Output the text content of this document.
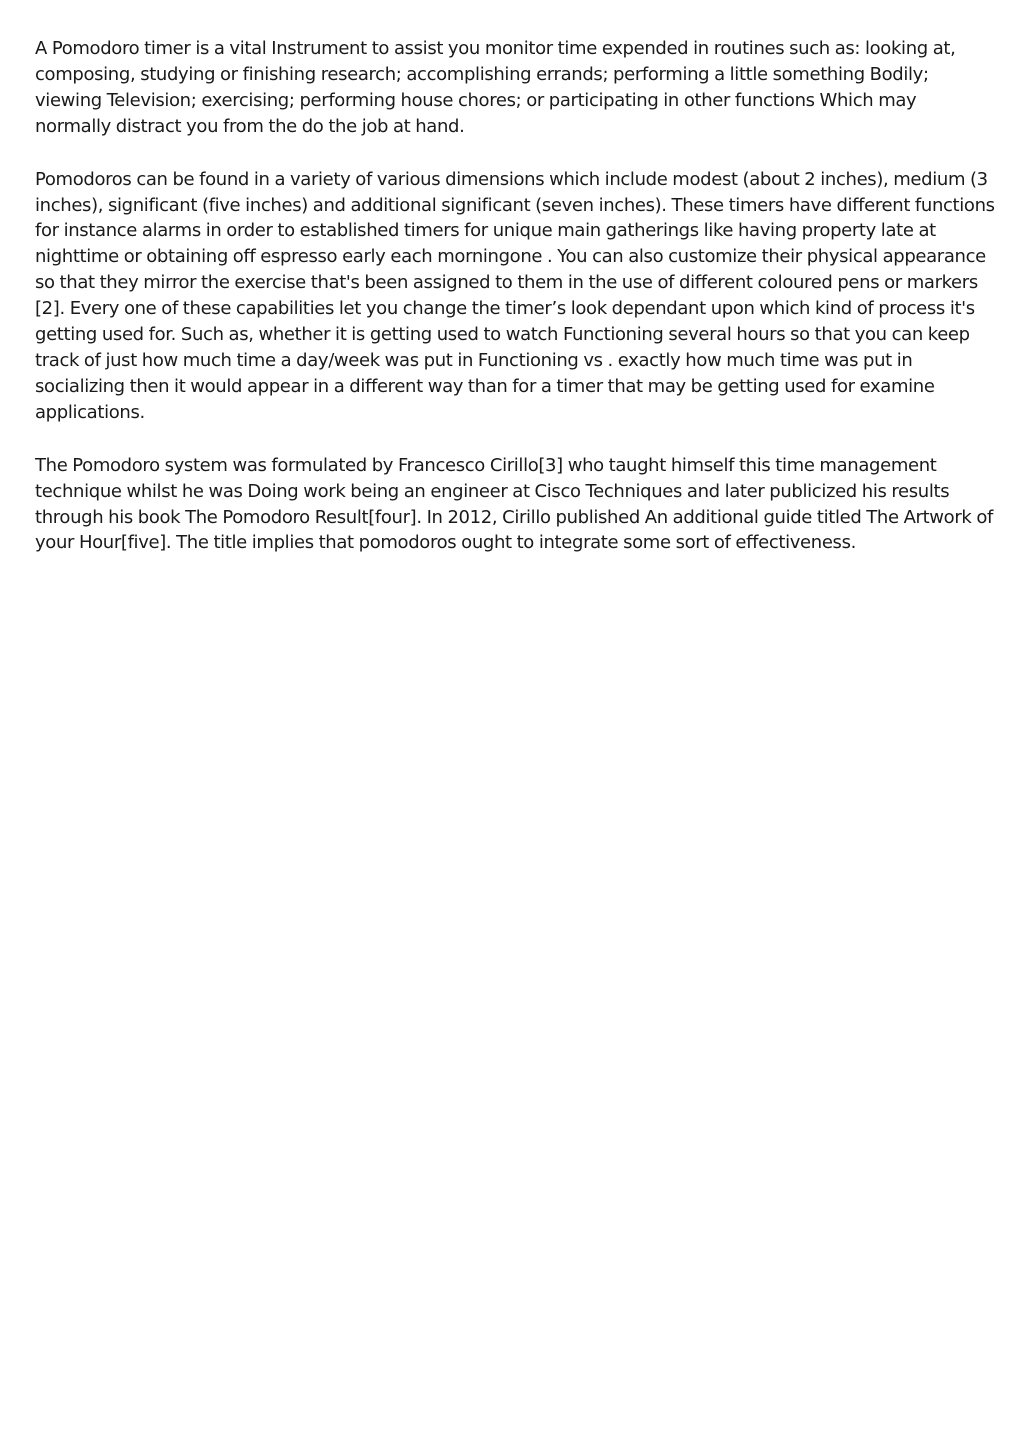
A Pomodoro timer is a vital Instrument to assist you monitor time expended in routines such as: looking at, composing, studying or finishing research; accomplishing errands; performing a little something Bodily; viewing Television; exercising; performing house chores; or participating in other functions Which may normally distract you from the do the job at hand.

Pomodoros can be found in a variety of various dimensions which include modest (about 2 inches), medium (3 inches), significant (five inches) and additional significant (seven inches). These timers have different functions for instance alarms in order to established timers for unique main gatherings like having property late at nighttime or obtaining off espresso early each morningone . You can also customize their physical appearance so that they mirror the exercise that's been assigned to them in the use of different coloured pens or markers [2]. Every one of these capabilities let you change the timer’s look dependant upon which kind of process it's getting used for. Such as, whether it is getting used to watch Functioning several hours so that you can keep track of just how much time a day/week was put in Functioning vs . exactly how much time was put in socializing then it would appear in a different way than for a timer that may be getting used for examine applications.

The Pomodoro system was formulated by Francesco Cirillo[3] who taught himself this time management technique whilst he was Doing work being an engineer at Cisco Techniques and later publicized his results through his book The Pomodoro Result[four]. In 2012, Cirillo published An additional guide titled The Artwork of your Hour[five]. The title implies that pomodoros ought to integrate some sort of effectiveness.
